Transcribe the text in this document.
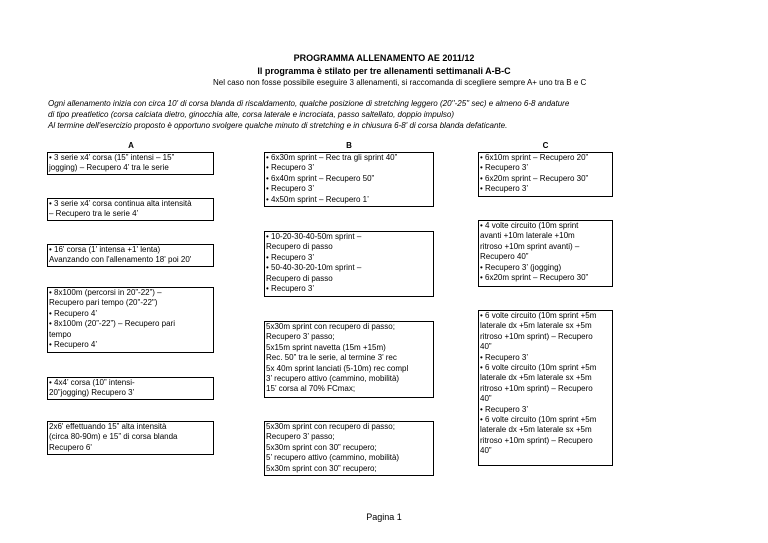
PROGRAMMA ALLENAMENTO AE 2011/12
Il programma è stilato per tre allenamenti settimanali A-B-C
Nel caso non fosse possibile eseguire 3 allenamenti, si raccomanda di scegliere sempre A+ uno tra B e C
Ogni allenamento inizia con circa 10' di corsa blanda di riscaldamento, qualche posizione di stretching leggero (20''-25'' sec) e almeno 6-8 andature
di tipo preatletico (corsa calciata dietro, ginocchia alte, corsa laterale e incrociata, passo saltellato, doppio impulso)
Al termine dell'esercizio proposto è opportuno svolgere qualche minuto di stretching e in chiusura 6-8' di corsa blanda defaticante.
A	B	C
• 3 serie x4’ corsa (15” intensi – 15”
jogging) – Recupero 4’ tra le serie
• 3 serie x4’ corsa continua alta intensità
– Recupero tra le serie 4’
• 16' corsa (1' intensa +1' lenta)
Avanzando con l'allenamento 18' poi 20'
• 8x100m (percorsi in 20”-22”) –
Recupero pari tempo (20"-22")
• Recupero 4’
• 8x100m (20”-22”) – Recupero pari
tempo
• Recupero 4’
• 4x4’ corsa (10” intensi-
20”jogging) Recupero 3’
2x6' effettuando 15” alta intensità
(circa 80-90m) e 15” di corsa blanda
Recupero 6'
• 6x30m sprint – Rec tra gli sprint 40”
• Recupero 3’
• 6x40m sprint – Recupero 50”
• Recupero 3’
• 4x50m sprint – Recupero 1’
• 10-20-30-40-50m sprint –
Recupero di passo
• Recupero 3’
• 50-40-30-20-10m sprint –
Recupero di passo
• Recupero 3’
5x30m sprint con recupero di passo;
Recupero 3’ passo;
5x15m sprint navetta (15m +15m)
Rec. 50” tra le serie, al termine 3’ rec
5x 40m sprint lanciati (5-10m) rec compl
3’ recupero attivo (cammino, mobilità)
15’ corsa al 70% FCmax;
5x30m sprint con recupero di passo;
Recupero 3’ passo;
5x30m sprint con 30” recupero;
5’ recupero attivo (cammino, mobilità)
5x30m sprint con 30” recupero;
• 6x10m sprint – Recupero 20”
• Recupero 3’
• 6x20m sprint – Recupero 30”
• Recupero 3’
• 4 volte circuito (10m sprint
avanti +10m laterale +10m
ritroso +10m sprint avanti) –
Recupero 40”
• Recupero 3’ (jogging)
• 6x20m sprint – Recupero 30”
• 6 volte circuito (10m sprint +5m
laterale dx +5m laterale sx +5m
ritroso +10m sprint) – Recupero
40”
• Recupero 3’
• 6 volte circuito (10m sprint +5m
laterale dx +5m laterale sx +5m
ritroso +10m sprint) – Recupero
40”
• Recupero 3’
• 6 volte circuito (10m sprint +5m
laterale dx +5m laterale sx +5m
ritroso +10m sprint) – Recupero
40”
Pagina 1
